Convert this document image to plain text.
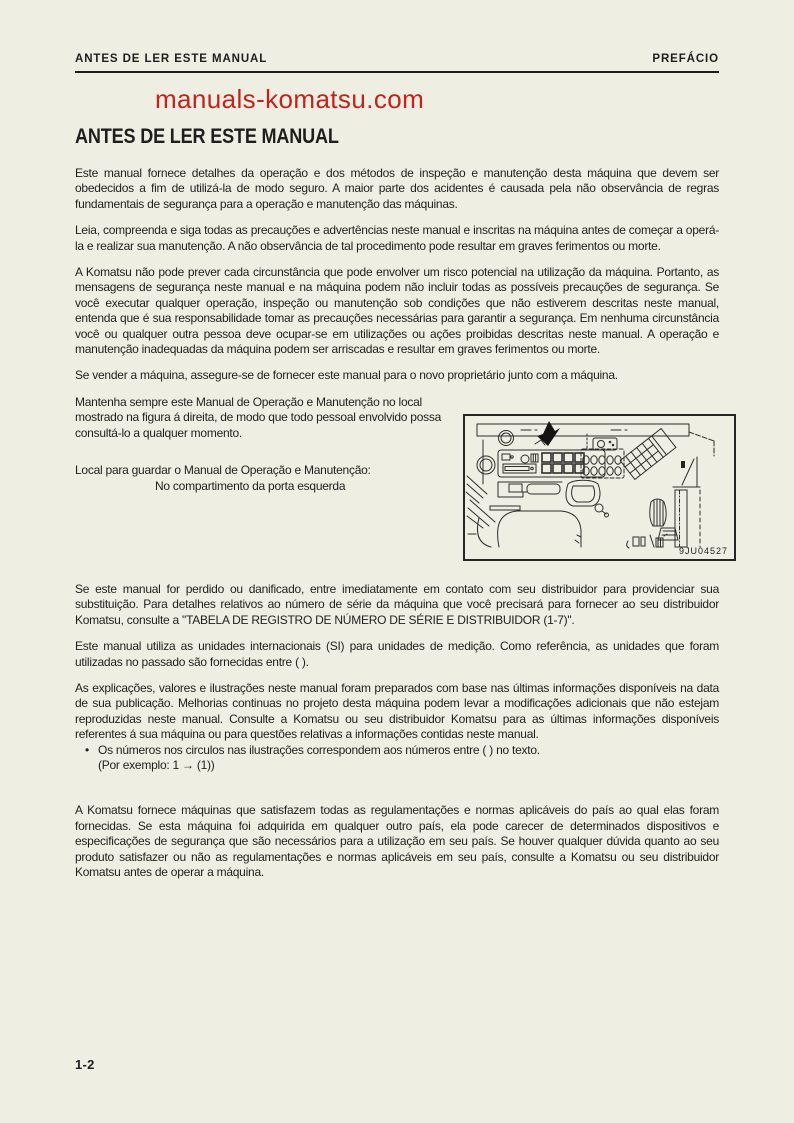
ANTES DE LER ESTE MANUAL	PREFÁCIO
manuals-komatsu.com
ANTES DE LER ESTE MANUAL

Este manual fornece detalhes da operação e dos métodos de inspeção e manutenção desta máquina que devem ser obedecidos a fim de utilizá-la de modo seguro. A maior parte dos acidentes é causada pela não observância de regras fundamentais de segurança para a operação e manutenção das máquinas.

Leia, compreenda e siga todas as precauções e advertências neste manual e inscritas na máquina antes de começar a operá-la e realizar sua manutenção. A não observância de tal procedimento pode resultar em graves ferimentos ou morte.

A Komatsu não pode prever cada circunstância que pode envolver um risco potencial na utilização da máquina. Portanto, as mensagens de segurança neste manual e na máquina podem não incluir todas as possíveis precauções de segurança. Se você executar qualquer operação, inspeção ou manutenção sob condições que não estiverem descritas neste manual, entenda que é sua responsabilidade tomar as precauções necessárias para garantir a segurança. Em nenhuma circunstância você ou qualquer outra pessoa deve ocupar-se em utilizações ou ações proibidas descritas neste manual. A operação e manutenção inadequadas da máquina podem ser arriscadas e resultar em graves ferimentos ou morte.

Se vender a máquina, assegure-se de fornecer este manual para o novo proprietário junto com a máquina.

Mantenha sempre este Manual de Operação e Manutenção no local mostrado na figura á direita, de modo que todo pessoal envolvido possa consultá-lo a qualquer momento.

Local para guardar o Manual de Operação e Manutenção:
No compartimento da porta esquerda
9JU04527

Se este manual for perdido ou danificado, entre imediatamente em contato com seu distribuidor para providenciar sua substituição. Para detalhes relativos ao número de série da máquina que você precisará para fornecer ao seu distribuidor Komatsu, consulte a "TABELA DE REGISTRO DE NÚMERO DE SÉRIE E DISTRIBUIDOR (1-7)".

Este manual utiliza as unidades internacionais (SI) para unidades de medição. Como referência, as unidades que foram utilizadas no passado são fornecidas entre ( ).

As explicações, valores e ilustrações neste manual foram preparados com base nas últimas informações disponíveis na data de sua publicação. Melhorias continuas no projeto desta máquina podem levar a modificações adicionais que não estejam reproduzidas neste manual. Consulte a Komatsu ou seu distribuidor Komatsu para as últimas informações disponíveis referentes á sua máquina ou para questões relativas a informações contidas neste manual.

• Os números nos circulos nas ilustrações correspondem aos números entre ( ) no texto.
(Por exemplo: 1 → (1))

A Komatsu fornece máquinas que satisfazem todas as regulamentações e normas aplicáveis do país ao qual elas foram fornecidas. Se esta máquina foi adquirida em qualquer outro país, ela pode carecer de determinados dispositivos e especificações de segurança que são necessários para a utilização em seu país. Se houver qualquer dúvida quanto ao seu produto satisfazer ou não as regulamentações e normas aplicáveis em seu país, consulte a Komatsu ou seu distribuidor Komatsu antes de operar a máquina.

1-2
